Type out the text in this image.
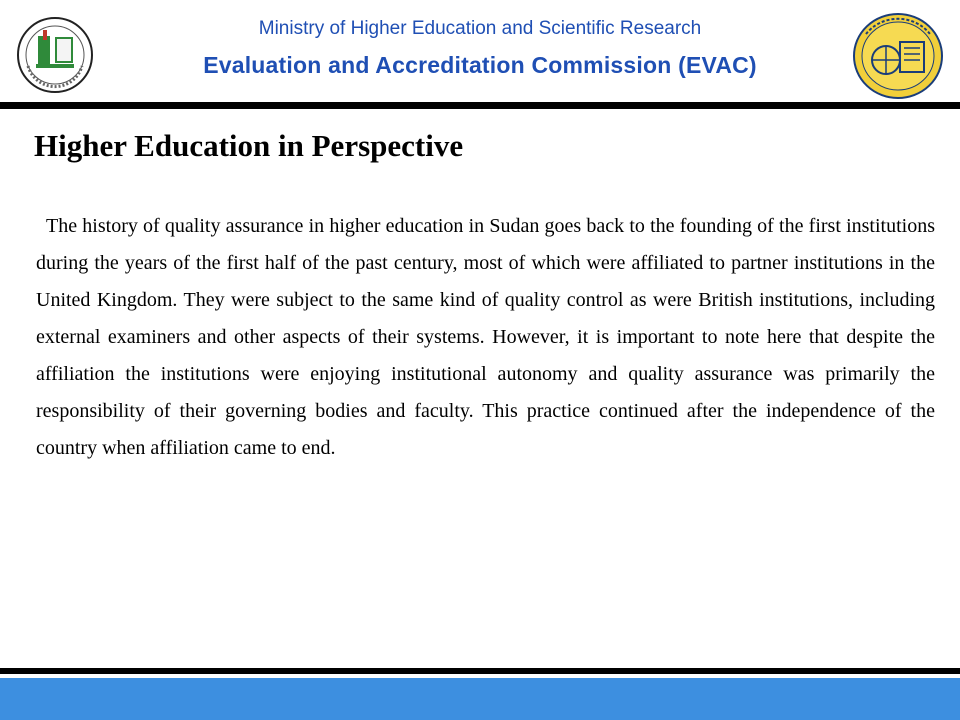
Ministry of Higher Education and Scientific Research
Evaluation and Accreditation Commission (EVAC)
Higher Education in Perspective
The history of quality assurance in higher education in Sudan goes back to the founding of the first institutions during the years of the first half of the past century, most of which were affiliated to partner institutions in the United Kingdom. They were subject to the same kind of quality control as were British institutions, including external examiners and other aspects of their systems. However, it is important to note here that despite the affiliation the institutions were enjoying institutional autonomy and quality assurance was primarily the responsibility of their governing bodies and faculty. This practice continued after the independence of the country when affiliation came to end.
